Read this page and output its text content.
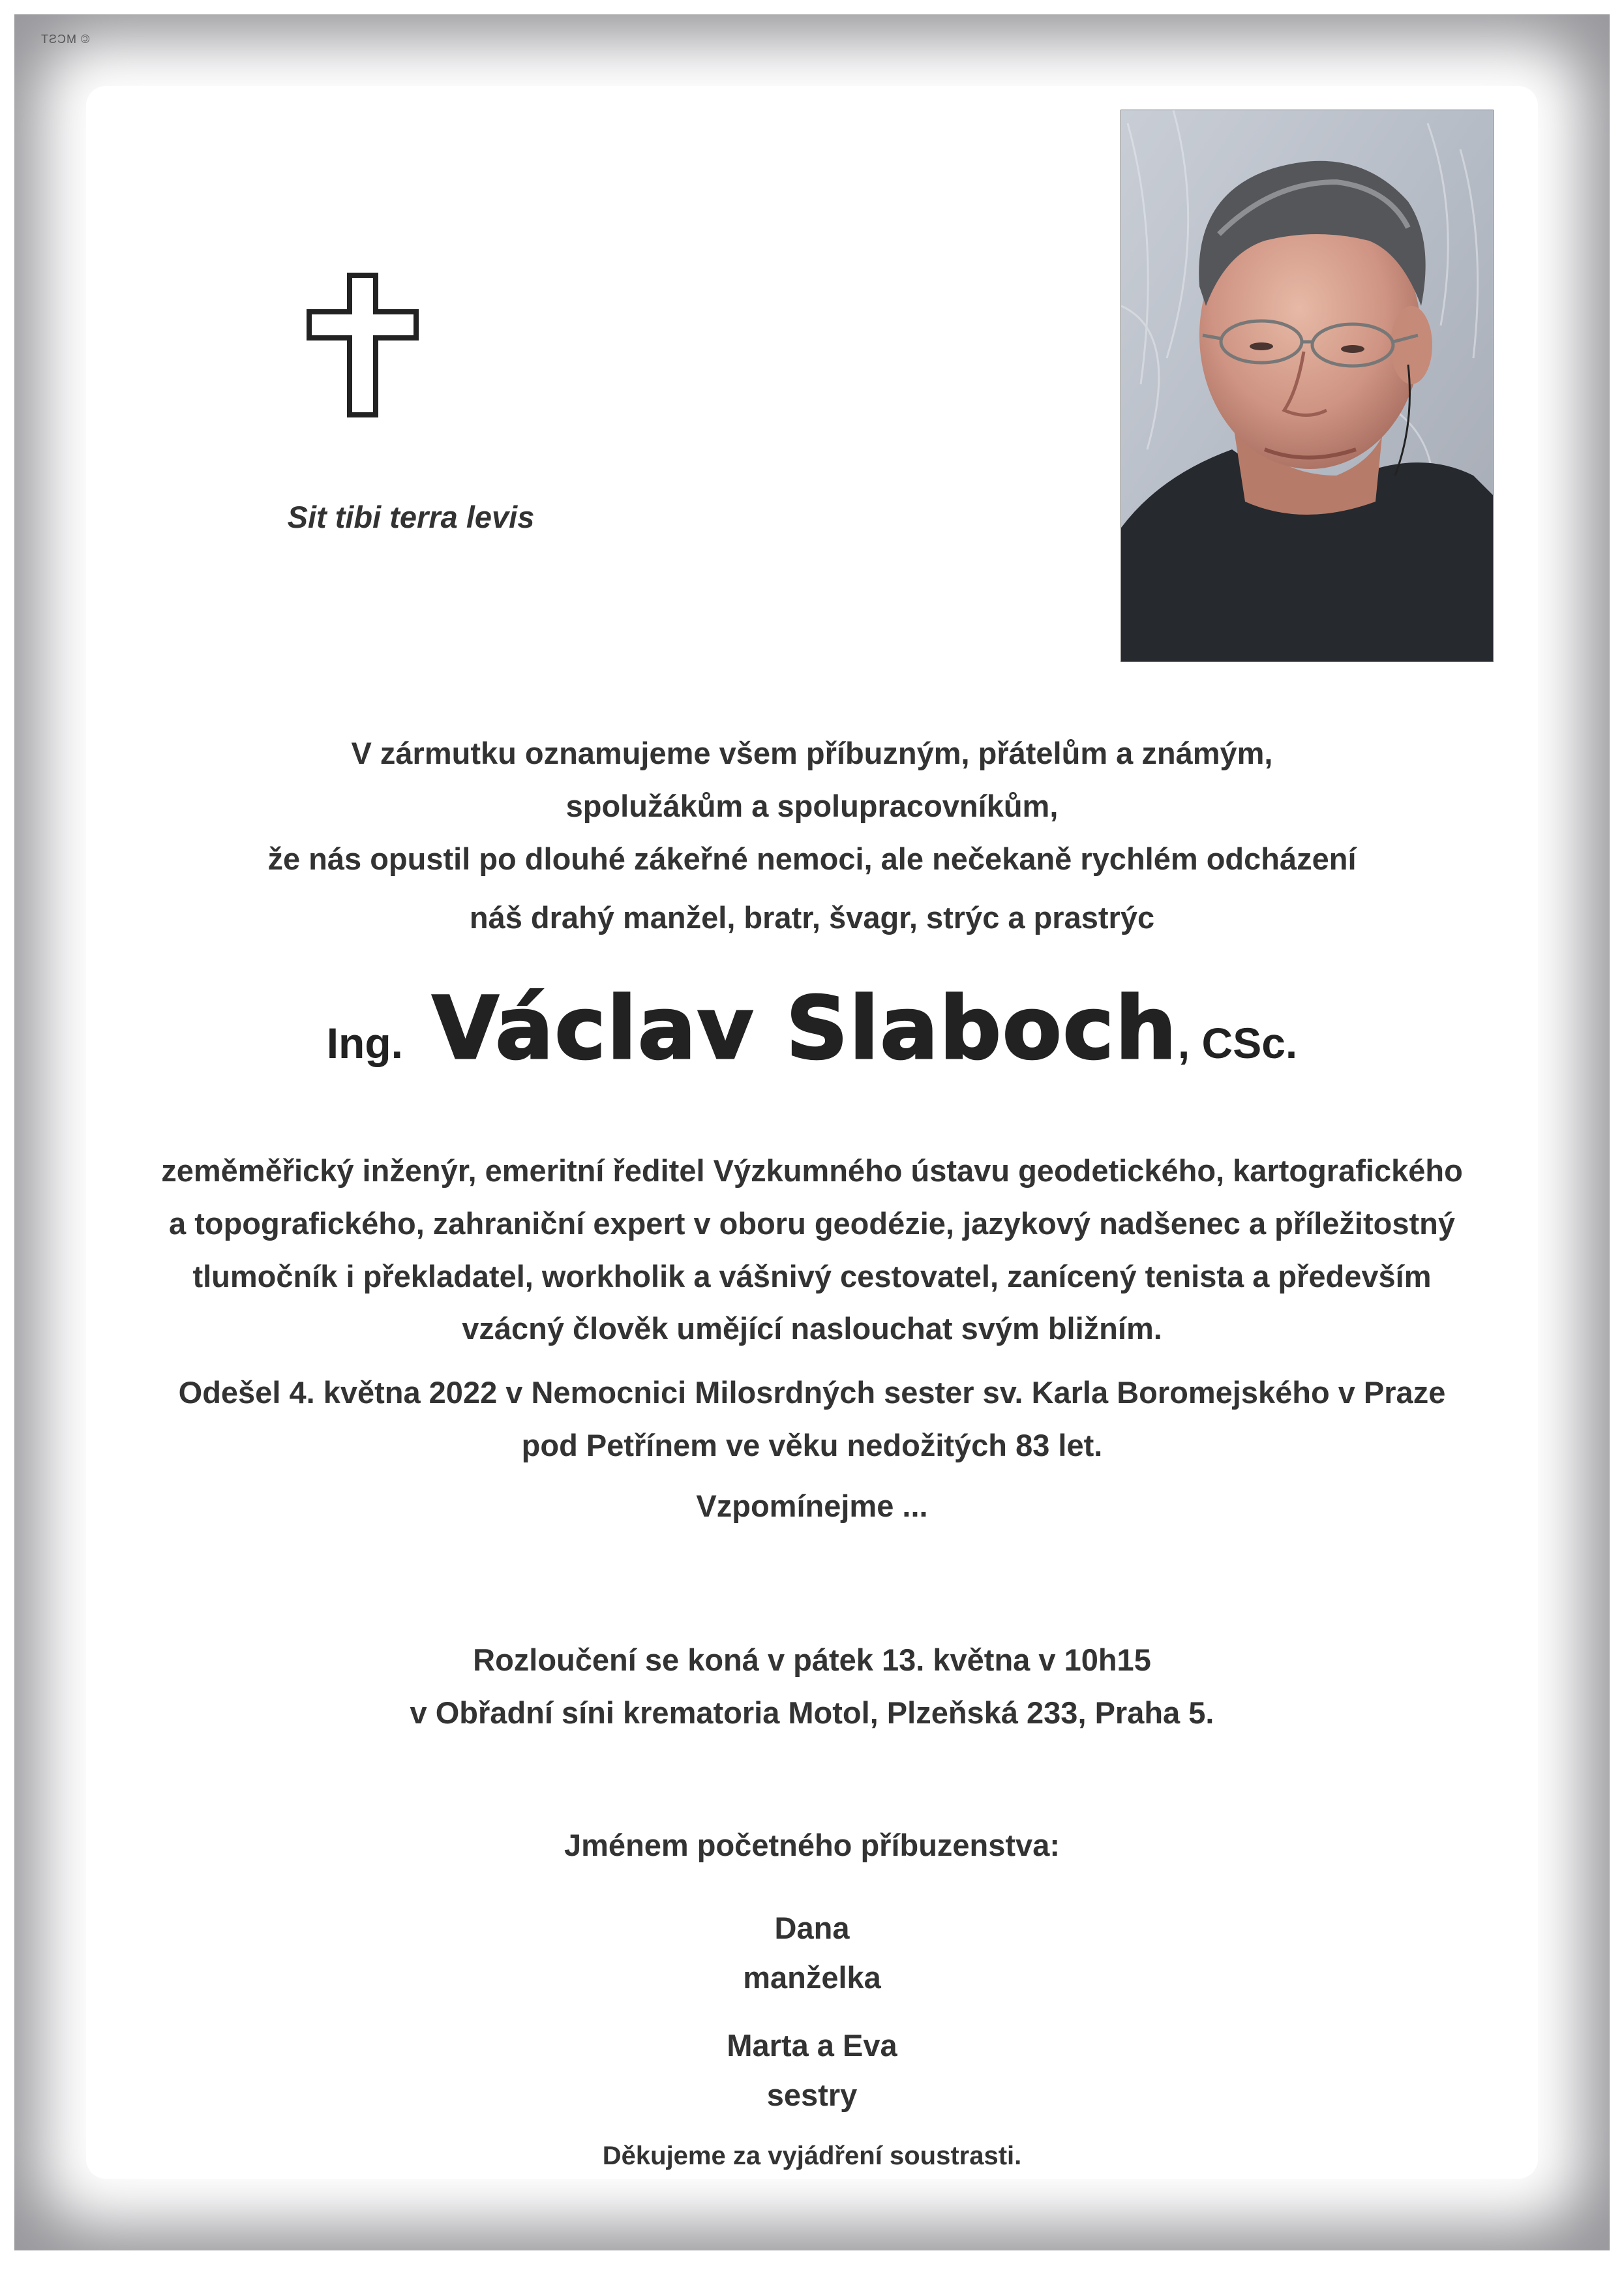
© MCST
Sit tibi terra levis
V zármutku oznamujeme všem příbuzným, přátelům a známým,
spolužákům a spolupracovníkům,
že nás opustil po dlouhé zákeřné nemoci, ale nečekaně rychlém odcházení
náš drahý manžel, bratr, švagr, strýc a prastrýc
Ing. Václav Slaboch, CSc.
zeměměřický inženýr, emeritní ředitel Výzkumného ústavu geodetického, kartografického
a topografického, zahraniční expert v oboru geodézie, jazykový nadšenec a příležitostný
tlumočník i překladatel, workholik a vášnivý cestovatel, zanícený tenista a především
vzácný člověk umějící naslouchat svým bližním.
Odešel 4. května 2022 v Nemocnici Milosrdných sester sv. Karla Boromejského v Praze
pod Petřínem ve věku nedožitých 83 let.
Vzpomínejme ...
Rozloučení se koná v pátek 13. května v 10h15
v Obřadní síni krematoria Motol, Plzeňská 233, Praha 5.
Jménem početného příbuzenstva:
Dana
manželka
Marta a Eva
sestry
Děkujeme za vyjádření soustrasti.
